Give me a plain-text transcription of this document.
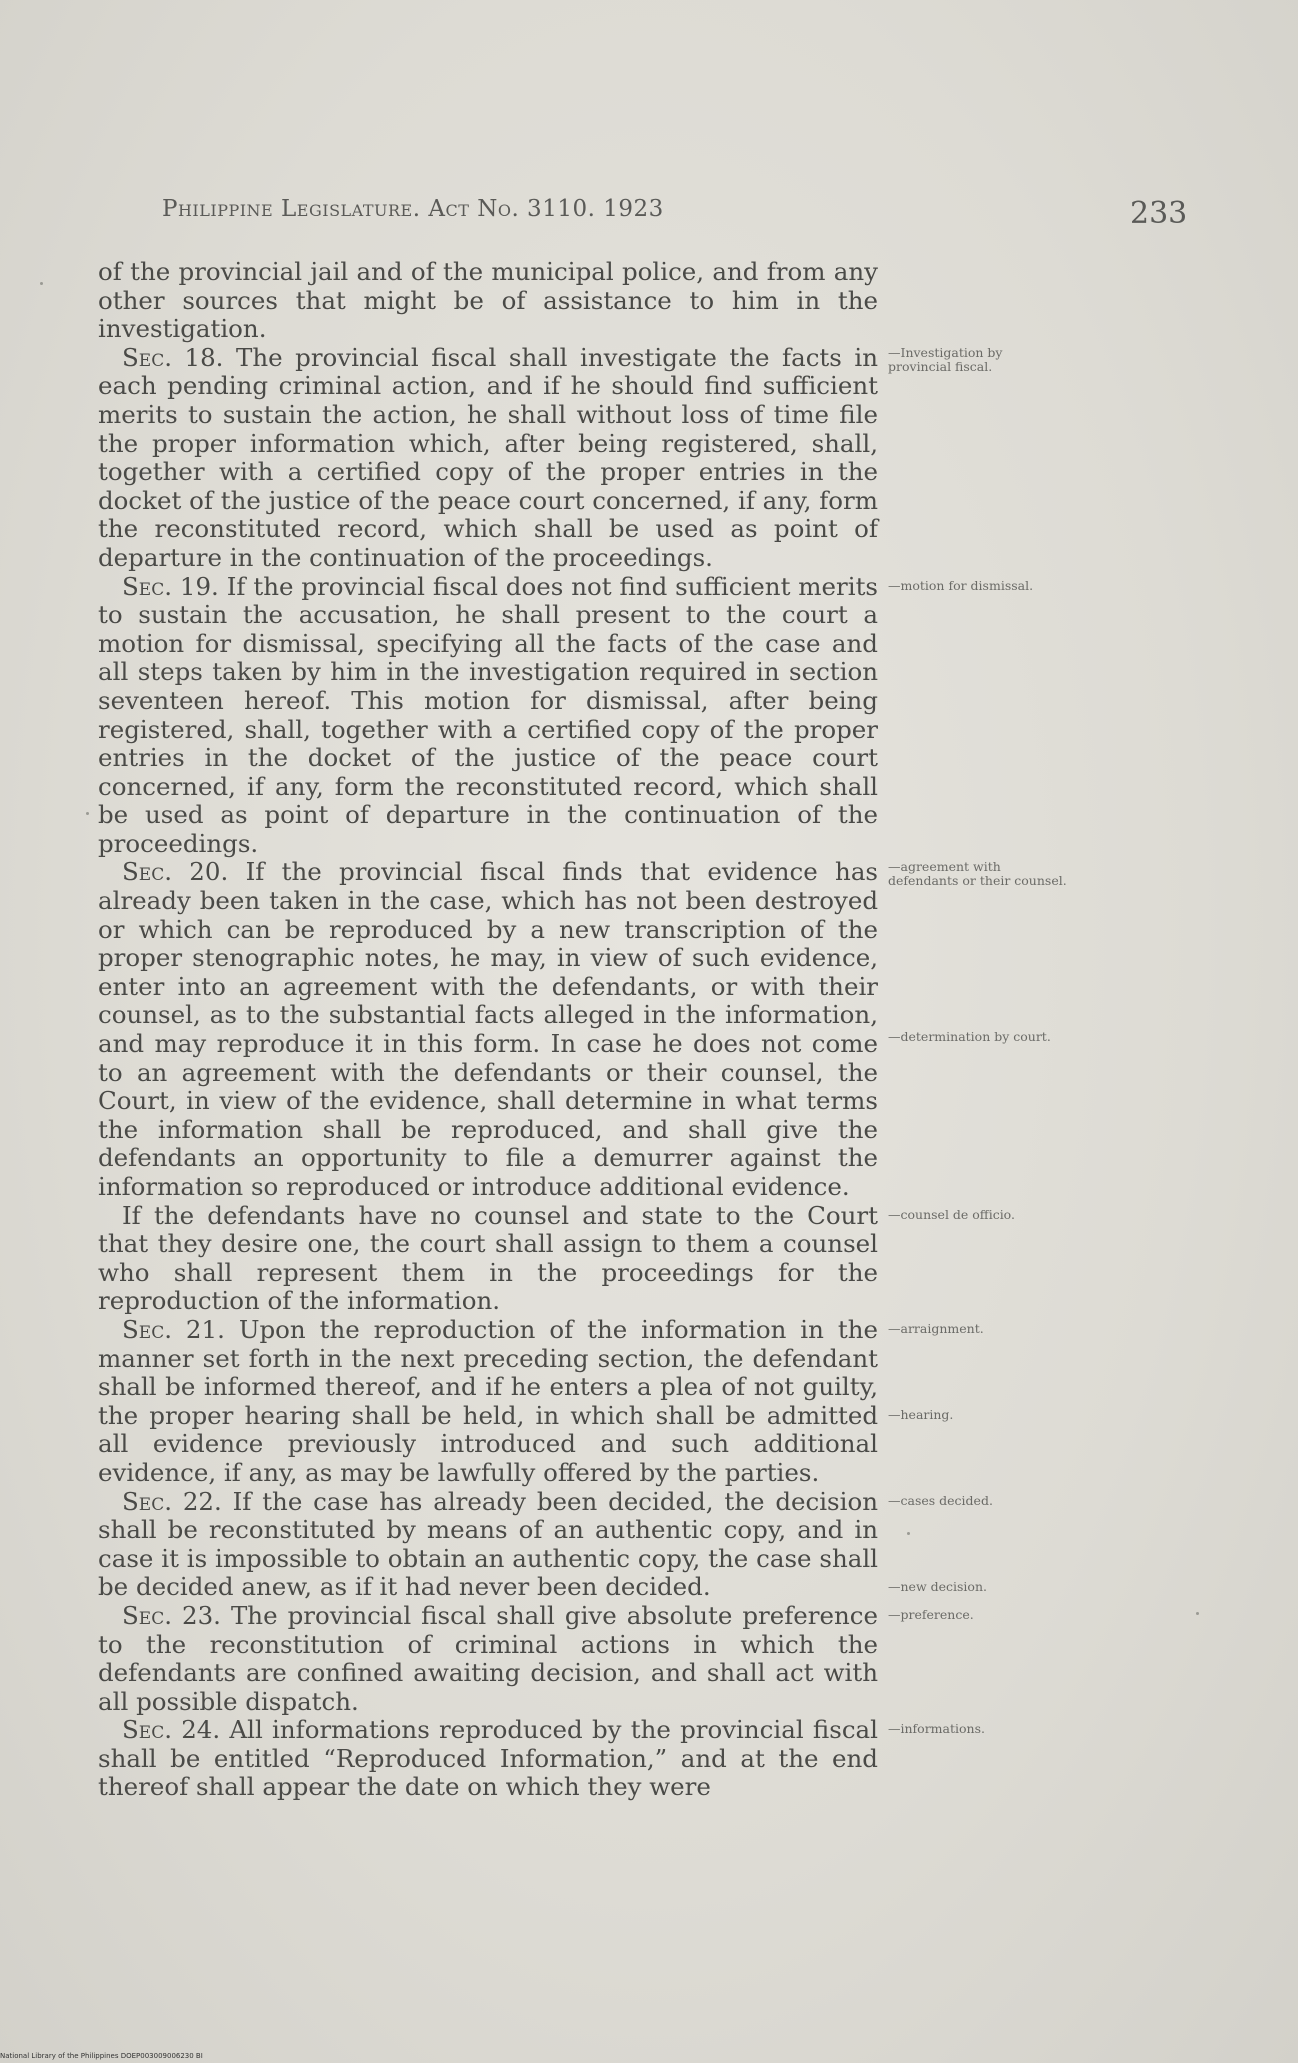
Philippine Legislature. Act No. 3110. 1923	233

of the provincial jail and of the municipal police, and from any other sources that might be of assistance to him in the investigation.

Sec. 18. The provincial fiscal shall investigate the facts in each pending criminal action, and if he should find sufficient merits to sustain the action, he shall without loss of time file the proper information which, after being registered, shall, together with a certified copy of the proper entries in the docket of the justice of the peace court concerned, if any, form the reconstituted record, which shall be used as point of departure in the continuation of the proceedings.
—Investigation by provincial fiscal.

Sec. 19. If the provincial fiscal does not find sufficient merits to sustain the accusation, he shall present to the court a motion for dismissal, specifying all the facts of the case and all steps taken by him in the investigation required in section seventeen hereof. This motion for dismissal, after being registered, shall, together with a certified copy of the proper entries in the docket of the justice of the peace court concerned, if any, form the reconstituted record, which shall be used as point of departure in the continuation of the proceedings.
—motion for dismissal.

Sec. 20. If the provincial fiscal finds that evidence has already been taken in the case, which has not been destroyed or which can be reproduced by a new transcription of the proper stenographic notes, he may, in view of such evidence, enter into an agreement with the defendants, or with their counsel, as to the substantial facts alleged in the information, and may reproduce it in this form. In case he does not come to an agreement with the defendants or their counsel, the Court, in view of the evidence, shall determine in what terms the information shall be reproduced, and shall give the defendants an opportunity to file a demurrer against the information so reproduced or introduce additional evidence.
—agreement with defendants or their counsel.
—determination by court.

If the defendants have no counsel and state to the Court that they desire one, the court shall assign to them a counsel who shall represent them in the proceedings for the reproduction of the information.
—counsel de officio.

Sec. 21. Upon the reproduction of the information in the manner set forth in the next preceding section, the defendant shall be informed thereof, and if he enters a plea of not guilty, the proper hearing shall be held, in which shall be admitted all evidence previously introduced and such additional evidence, if any, as may be lawfully offered by the parties.
—arraignment.
—hearing.

Sec. 22. If the case has already been decided, the decision shall be reconstituted by means of an authentic copy, and in case it is impossible to obtain an authentic copy, the case shall be decided anew, as if it had never been decided.
—cases decided.
—new decision.

Sec. 23. The provincial fiscal shall give absolute preference to the reconstitution of criminal actions in which the defendants are confined awaiting decision, and shall act with all possible dispatch.
—preference.

Sec. 24. All informations reproduced by the provincial fiscal shall be entitled “Reproduced Information,” and at the end thereof shall appear the date on which they were
—informations.

National Library of the Philippines DOEP003009006230 BI
